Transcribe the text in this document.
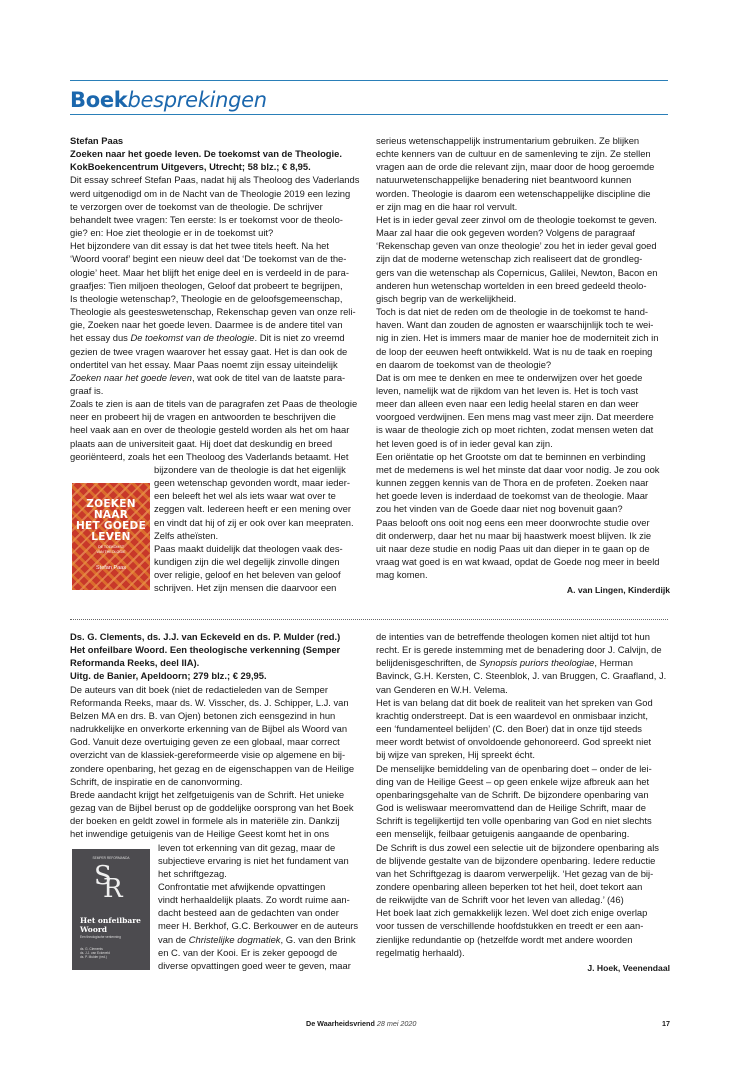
Boekbesprekingen

Stefan Paas

Zoeken naar het goede leven. De toekomst van de Theologie.

KokBoekencentrum Uitgevers, Utrecht; 58 blz.; € 8,95.

Dit essay schreef Stefan Paas, nadat hij als Theoloog des Vaderlands

werd uitgenodigd om in de Nacht van de Theologie 2019 een lezing

te verzorgen over de toekomst van de theologie. De schrijver

behandelt twee vragen: Ten eerste: Is er toekomst voor de theolo-

gie? en: Hoe ziet theologie er in de toekomst uit?

Het bijzondere van dit essay is dat het twee titels heeft. Na het

‘Woord vooraf’ begint een nieuw deel dat ‘De toekomst van de the-

ologie’ heet. Maar het blijft het enige deel en is verdeeld in de para-

graafjes: Tien miljoen theologen, Geloof dat probeert te begrijpen,

Is theologie wetenschap?, Theologie en de geloofsgemeenschap,

Theologie als geesteswetenschap, Rekenschap geven van onze reli-

gie, Zoeken naar het goede leven. Daarmee is de andere titel van

het essay dus De toekomst van de theologie. Dit is niet zo vreemd

gezien de twee vragen waarover het essay gaat. Het is dan ook de

ondertitel van het essay. Maar Paas noemt zijn essay uiteindelijk

Zoeken naar het goede leven, wat ook de titel van de laatste para-

graaf is.

Zoals te zien is aan de titels van de paragrafen zet Paas de theologie

neer en probeert hij de vragen en antwoorden te beschrijven die

heel vaak aan en over de theologie gesteld worden als het om haar

plaats aan de universiteit gaat. Hij doet dat deskundig en breed

georiënteerd, zoals het een Theoloog des Vaderlands betaamt. Het

bijzondere van de theologie is dat het eigenlijk

geen wetenschap gevonden wordt, maar ieder-

een beleeft het wel als iets waar wat over te

zeggen valt. Iedereen heeft er een mening over

en vindt dat hij of zij er ook over kan meepraten.

Zelfs atheïsten.

Paas maakt duidelijk dat theologen vaak des-

kundigen zijn die wel degelijk zinvolle dingen

over religie, geloof en het beleven van geloof

schrijven. Het zijn mensen die daarvoor een

ZOEKEN
NAAR
HET GOEDE
LEVEN
DE TOEKOMST
VAN THEOLOGIE
Stefan Paas

serieus wetenschappelijk instrumentarium gebruiken. Ze blijken

echte kenners van de cultuur en de samenleving te zijn. Ze stellen

vragen aan de orde die relevant zijn, maar door de hoog geroemde

natuurwetenschappelijke benadering niet beantwoord kunnen

worden. Theologie is daarom een wetenschappelijke discipline die

er zijn mag en die haar rol vervult.

Het is in ieder geval zeer zinvol om de theologie toekomst te geven.

Maar zal haar die ook gegeven worden? Volgens de paragraaf

‘Rekenschap geven van onze theologie’ zou het in ieder geval goed

zijn dat de moderne wetenschap zich realiseert dat de grondleg-

gers van die wetenschap als Copernicus, Galilei, Newton, Bacon en

anderen hun wetenschap wortelden in een breed gedeeld theolo-

gisch begrip van de werkelijkheid.

Toch is dat niet de reden om de theologie in de toekomst te hand-

haven. Want dan zouden de agnosten er waarschijnlijk toch te wei-

nig in zien. Het is immers maar de manier hoe de moderniteit zich in

de loop der eeuwen heeft ontwikkeld. Wat is nu de taak en roeping

en daarom de toekomst van de theologie?

Dat is om mee te denken en mee te onderwijzen over het goede

leven, namelijk wat de rijkdom van het leven is. Het is toch vast

meer dan alleen even naar een ledig heelal staren en dan weer

voorgoed verdwijnen. Een mens mag vast meer zijn. Dat meerdere

is waar de theologie zich op moet richten, zodat mensen weten dat

het leven goed is of in ieder geval kan zijn.

Een oriëntatie op het Grootste om dat te beminnen en verbinding

met de medemens is wel het minste dat daar voor nodig. Je zou ook

kunnen zeggen kennis van de Thora en de profeten. Zoeken naar

het goede leven is inderdaad de toekomst van de theologie. Maar

zou het vinden van de Goede daar niet nog bovenuit gaan?

Paas belooft ons ooit nog eens een meer doorwrochte studie over

dit onderwerp, daar het nu maar bij haastwerk moest blijven. Ik zie

uit naar deze studie en nodig Paas uit dan dieper in te gaan op de

vraag wat goed is en wat kwaad, opdat de Goede nog meer in beeld

mag komen.

A. van Lingen, Kinderdijk

Ds. G. Clements, ds. J.J. van Eckeveld en ds. P. Mulder (red.)

Het onfeilbare Woord. Een theologische verkenning (Semper

Reformanda Reeks, deel IIA).

Uitg. de Banier, Apeldoorn; 279 blz.; € 29,95.

De auteurs van dit boek (niet de redactieleden van de Semper

Reformanda Reeks, maar ds. W. Visscher, ds. J. Schipper, L.J. van

Belzen MA en drs. B. van Ojen) betonen zich eensgezind in hun

nadrukkelijke en onverkorte erkenning van de Bijbel als Woord van

God. Vanuit deze overtuiging geven ze een globaal, maar correct

overzicht van de klassiek-gereformeerde visie op algemene en bij-

zondere openbaring, het gezag en de eigenschappen van de Heilige

Schrift, de inspiratie en de canonvorming.

Brede aandacht krijgt het zelfgetuigenis van de Schrift. Het unieke

gezag van de Bijbel berust op de goddelijke oorsprong van het Boek

der boeken en geldt zowel in formele als in materiële zin. Dankzij

het inwendige getuigenis van de Heilige Geest komt het in ons

leven tot erkenning van dit gezag, maar de

subjectieve ervaring is niet het fundament van

het schriftgezag.

Confrontatie met afwijkende opvattingen

vindt herhaaldelijk plaats. Zo wordt ruime aan-

dacht besteed aan de gedachten van onder

meer H. Berkhof, G.C. Berkouwer en de auteurs

van de Christelijke dogmatiek, G. van den Brink

en C. van der Kooi. Er is zeker gepoogd de

diverse opvattingen goed weer te geven, maar

SEMPER REFORMANDA
S
R
Het onfeilbare
Woord
Een theologische verkenning
ds. G. Clements
ds. J.J. van Eckeveld
ds. P. Mulder (red.)

de intenties van de betreffende theologen komen niet altijd tot hun

recht. Er is gerede instemming met de benadering door J. Calvijn, de

belijdenisgeschriften, de Synopsis puriors theologiae, Herman

Bavinck, G.H. Kersten, C. Steenblok, J. van Bruggen, C. Graafland, J.

van Genderen en W.H. Velema.

Het is van belang dat dit boek de realiteit van het spreken van God

krachtig onderstreept. Dat is een waardevol en onmisbaar inzicht,

een ‘fundamenteel belijden’ (C. den Boer) dat in onze tijd steeds

meer wordt betwist of onvoldoende gehonoreerd. God spreekt niet

bij wijze van spreken, Hij spreekt écht.

De menselijke bemiddeling van de openbaring doet – onder de lei-

ding van de Heilige Geest – op geen enkele wijze afbreuk aan het

openbaringsgehalte van de Schrift. De bijzondere openbaring van

God is weliswaar meeromvattend dan de Heilige Schrift, maar de

Schrift is tegelijkertijd ten volle openbaring van God en niet slechts

een menselijk, feilbaar getuigenis aangaande de openbaring.

De Schrift is dus zowel een selectie uit de bijzondere openbaring als

de blijvende gestalte van de bijzondere openbaring. Iedere reductie

van het Schriftgezag is daarom verwerpelijk. ‘Het gezag van de bij-

zondere openbaring alleen beperken tot het heil, doet tekort aan

de reikwijdte van de Schrift voor het leven van alledag.’ (46)

Het boek laat zich gemakkelijk lezen. Wel doet zich enige overlap

voor tussen de verschillende hoofdstukken en treedt er een aan-

zienlijke redundantie op (hetzelfde wordt met andere woorden

regelmatig herhaald).

J. Hoek, Veenendaal

De Waarheidsvriend 28 mei 2020	17
